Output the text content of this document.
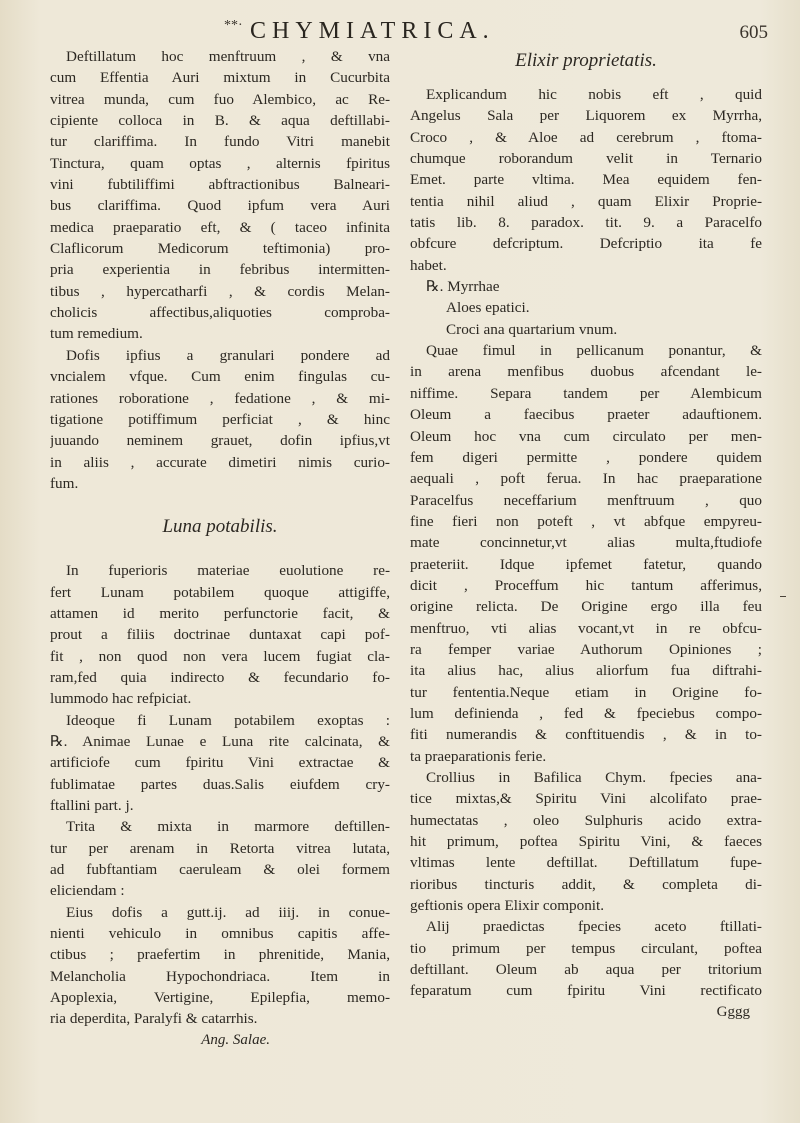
**· CHYMIATRICA.	605
Deftillatum hoc menftruum , & vna
cum Effentia Auri mixtum in Cucurbita
vitrea munda, cum fuo Alembico, ac Re-
cipiente colloca in B. & aqua deftillabi-
tur clariffima. In fundo Vitri manebit
Tinctura, quam optas , alternis fpiritus
vini fubtiliffimi abftractionibus Balneari-
bus clariffima. Quod ipfum vera Auri
medica praeparatio eft, & ( taceo infinita
Claflicorum Medicorum teftimonia) pro-
pria experientia in febribus intermitten-
tibus , hypercatharfi , & cordis Melan-
cholicis affectibus,aliquoties comproba-
tum remedium.
Dofis ipfius a granulari pondere ad
vncialem vfque. Cum enim fingulas cu-
rationes roboratione , fedatione , & mi-
tigatione potiffimum perficiat , & hinc
juuando neminem grauet, dofin ipfius,vt
in aliis , accurate dimetiri nimis curio-
fum.
Luna potabilis.
In fuperioris materiae euolutione re-
fert Lunam potabilem quoque attigiffe,
attamen id merito perfunctorie facit, &
prout a filiis doctrinae duntaxat capi pof-
fit , non quod non vera lucem fugiat cla-
ram,fed quia indirecto & fecundario fo-
lummodo hac refpiciat.
Ideoque fi Lunam potabilem exoptas :
℞. Animae Lunae e Luna rite calcinata, &
artificiofe cum fpiritu Vini extractae &
fublimatae partes duas.Salis eiufdem cry-
ftallini part. j.
Trita & mixta in marmore deftillen-
tur per arenam in Retorta vitrea lutata,
ad fubftantiam caeruleam & olei formem
eliciendam :
Eius dofis a gutt.ij. ad iiij. in conue-
nienti vehiculo in omnibus capitis affe-
ctibus ; praefertim in phrenitide, Mania,
Melancholia Hypochondriaca. Item in
Apoplexia, Vertigine, Epilepfia, memo-
ria deperdita, Paralyfi & catarrhis.
Ang. Salae.
Elixir proprietatis.
Explicandum hic nobis eft , quid
Angelus Sala per Liquorem ex Myrrha,
Croco , & Aloe ad cerebrum , ftoma-
chumque roborandum velit in Ternario
Emet. parte vltima. Mea equidem fen-
tentia nihil aliud , quam Elixir Proprie-
tatis lib. 8. paradox. tit. 9. a Paracelfo
obfcure defcriptum. Defcriptio ita fe
habet.
℞. Myrrhae
Aloes epatici.
Croci ana quartarium vnum.
Quae fimul in pellicanum ponantur, &
in arena menfibus duobus afcendant le-
niffime. Separa tandem per Alembicum
Oleum a faecibus praeter adauftionem.
Oleum hoc vna cum circulato per men-
fem digeri permitte , pondere quidem
aequali , poft ferua. In hac praeparatione
Paracelfus neceffarium menftruum , quo
fine fieri non poteft , vt abfque empyreu-
mate concinnetur,vt alias multa,ftudiofe
praeteriit. Idque ipfemet fatetur, quando
dicit , Proceffum hic tantum afferimus,
origine relicta. De Origine ergo illa feu
menftruo, vti alias vocant,vt in re obfcu-
ra femper variae Authorum Opiniones ;
ita alius hac, alius aliorfum fua diftrahi-
tur fententia.Neque etiam in Origine fo-
lum definienda , fed & fpeciebus compo-
fiti numerandis & conftituendis , & in to-
ta praeparationis ferie.
Crollius in Bafilica Chym. fpecies ana-
tice mixtas,& Spiritu Vini alcolifato prae-
humectatas , oleo Sulphuris acido extra-
hit primum, poftea Spiritu Vini, & faeces
vltimas lente deftillat. Deftillatum fupe-
rioribus tincturis addit, & completa di-
geftionis opera Elixir componit.
Alij praedictas fpecies aceto ftillati-
tio primum per tempus circulant, poftea
deftillant. Oleum ab aqua per tritorium
feparatum cum fpiritu Vini rectificato
Gggg
